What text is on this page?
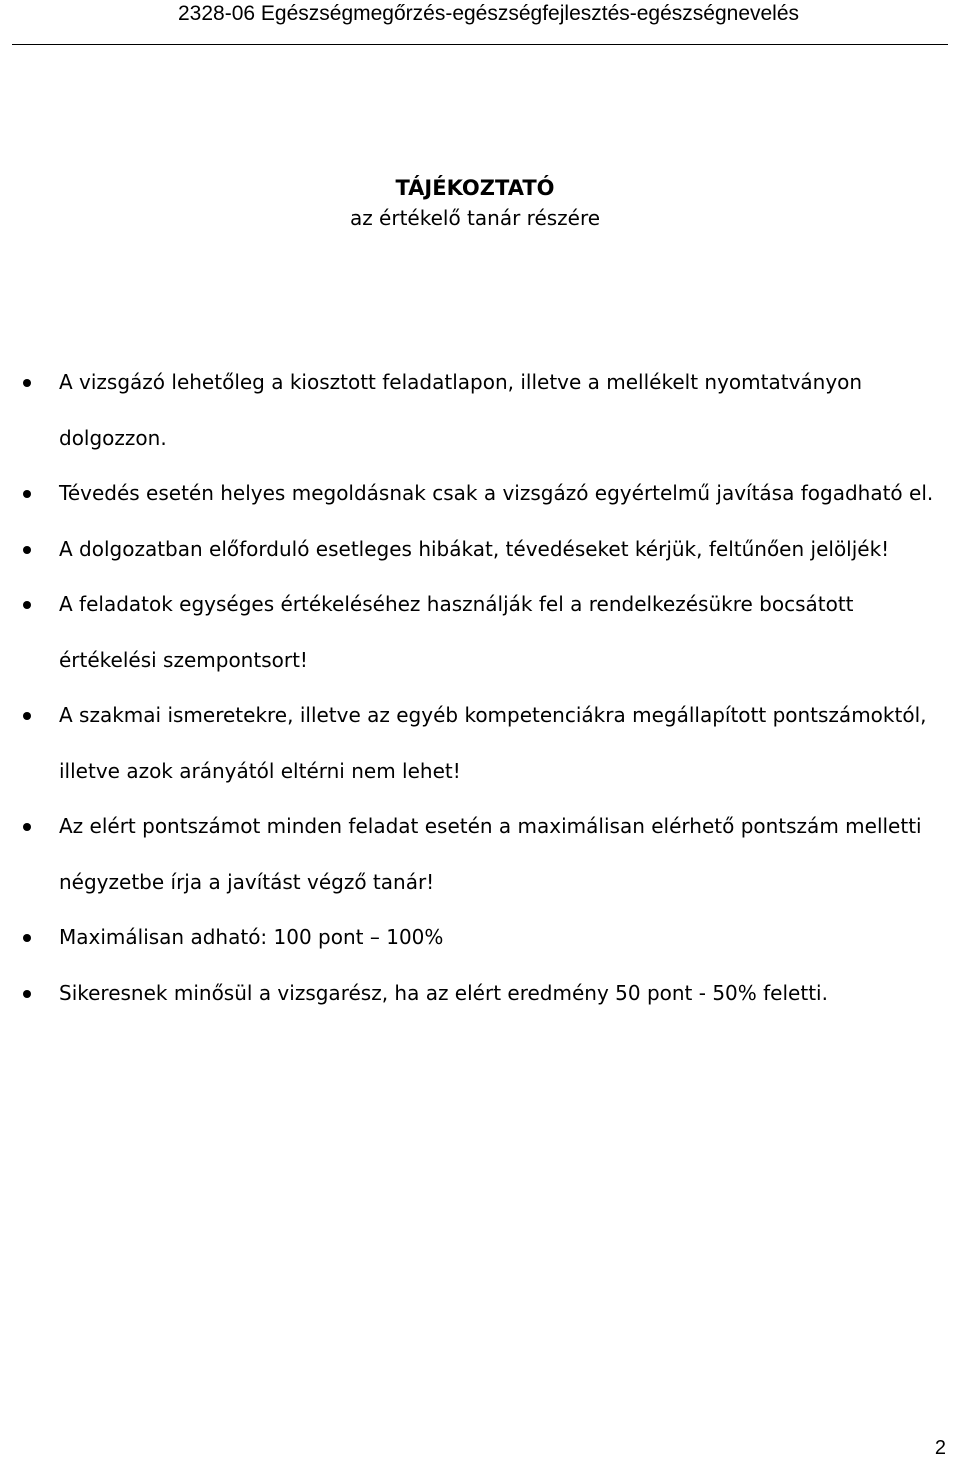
2328-06 Egészségmegőrzés-egészségfejlesztés-egészségnevelés
TÁJÉKOZTATÓ
az értékelő tanár részére
A vizsgázó lehetőleg a kiosztott feladatlapon, illetve a mellékelt nyomtatványon dolgozzon.
Tévedés esetén helyes megoldásnak csak a vizsgázó egyértelmű javítása fogadható el.
A dolgozatban előforduló esetleges hibákat, tévedéseket kérjük, feltűnően jelöljék!
A feladatok egységes értékeléséhez használják fel a rendelkezésükre bocsátott értékelési szempontsort!
A szakmai ismeretekre, illetve az egyéb kompetenciákra megállapított pontszámoktól, illetve azok arányától eltérni nem lehet!
Az elért pontszámot minden feladat esetén a maximálisan elérhető pontszám melletti négyzetbe írja a javítást végző tanár!
Maximálisan adható: 100 pont – 100%
Sikeresnek minősül a vizsgarész, ha az elért eredmény 50 pont - 50% feletti.
2
